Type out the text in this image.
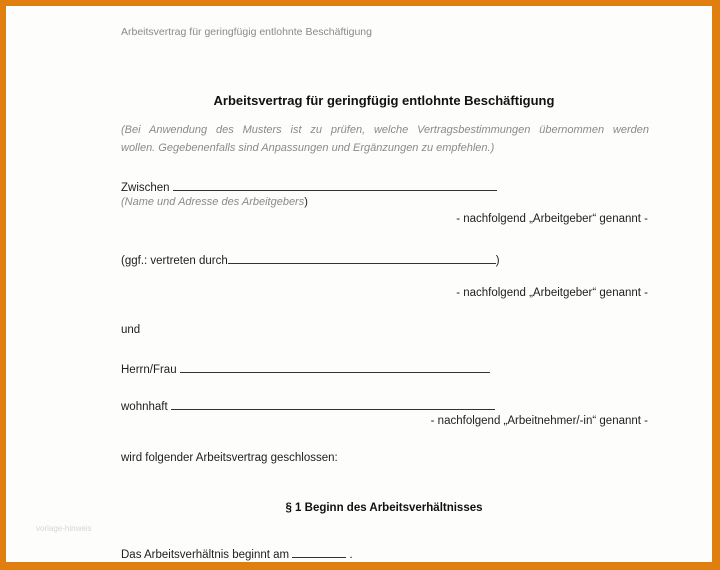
Arbeitsvertrag für geringfügig entlohnte Beschäftigung
Arbeitsvertrag für geringfügig entlohnte Beschäftigung
(Bei Anwendung des Musters ist zu prüfen, welche Vertragsbestimmungen übernommen werden
wollen. Gegebenenfalls sind Anpassungen und Ergänzungen zu empfehlen.)
Zwischen
(Name und Adresse des Arbeitgebers)
- nachfolgend „Arbeitgeber“ genannt -
(ggf.: vertreten durch	)
- nachfolgend „Arbeitgeber“ genannt -
und
Herrn/Frau
wohnhaft
- nachfolgend „Arbeitnehmer/-in“ genannt -
wird folgender Arbeitsvertrag geschlossen:
§ 1 Beginn des Arbeitsverhältnisses
vorlage-hinweis
Das Arbeitsverhältnis beginnt am	.
